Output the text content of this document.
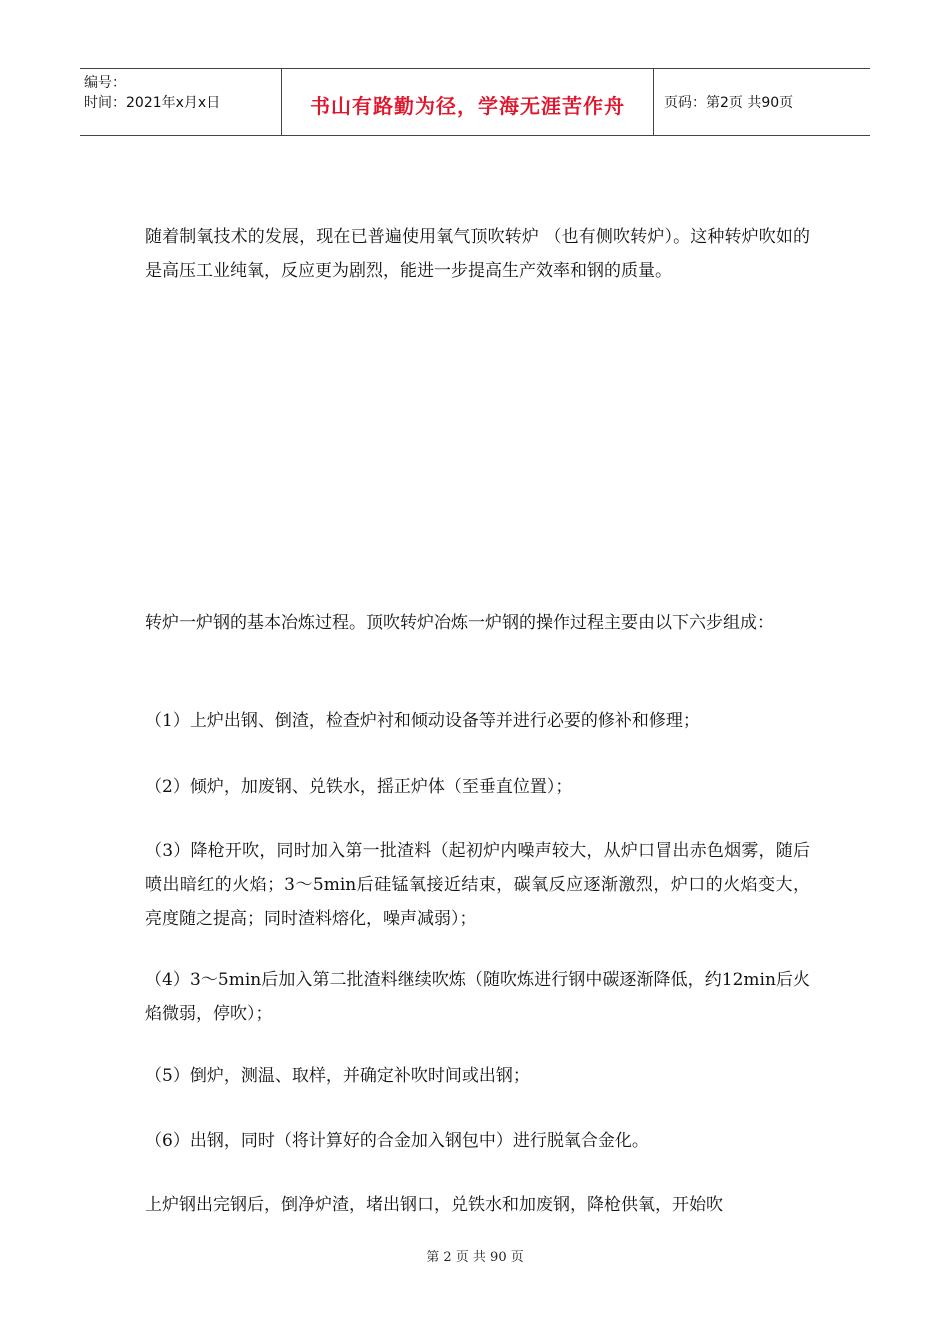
编号：
时间：2021年x月x日	书山有路勤为径，学海无涯苦作舟	页码：第2页 共90页

随着制氧技术的发展，现在已普遍使用氧气顶吹转炉 （也有侧吹转炉）。这种转炉吹如的是高压工业纯氧，反应更为剧烈，能进一步提高生产效率和钢的质量。

转炉一炉钢的基本冶炼过程。顶吹转炉冶炼一炉钢的操作过程主要由以下六步组成：

（1）上炉出钢、倒渣，检查炉衬和倾动设备等并进行必要的修补和修理；

（2）倾炉，加废钢、兑铁水，摇正炉体（至垂直位置）；

（3）降枪开吹，同时加入第一批渣料（起初炉内噪声较大，从炉口冒出赤色烟雾，随后喷出暗红的火焰；3～5min后硅锰氧接近结束，碳氧反应逐渐激烈，炉口的火焰变大，亮度随之提高；同时渣料熔化，噪声减弱）；

（4）3～5min后加入第二批渣料继续吹炼（随吹炼进行钢中碳逐渐降低，约12min后火焰微弱，停吹）；

（5）倒炉，测温、取样，并确定补吹时间或出钢；

（6）出钢，同时（将计算好的合金加入钢包中）进行脱氧合金化。

上炉钢出完钢后，倒净炉渣，堵出钢口，兑铁水和加废钢，降枪供氧，开始吹

第 2 页 共 90 页
